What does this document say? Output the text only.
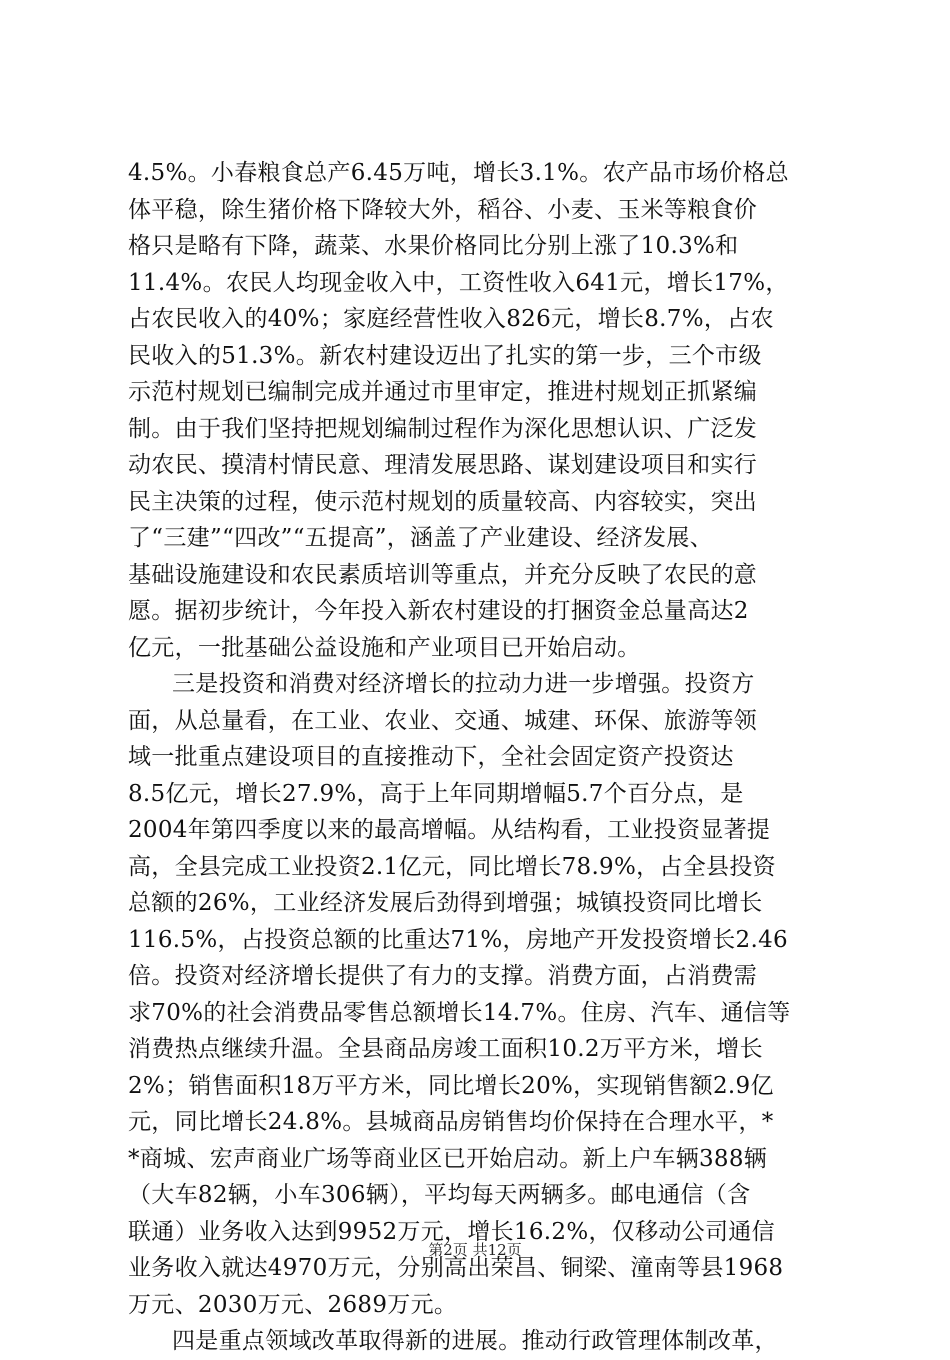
4.5%。小春粮食总产6.45万吨，增长3.1%。农产品市场价格总
体平稳，除生猪价格下降较大外，稻谷、小麦、玉米等粮食价
格只是略有下降，蔬菜、水果价格同比分别上涨了10.3%和
11.4%。农民人均现金收入中，工资性收入641元，增长17%，
占农民收入的40%；家庭经营性收入826元，增长8.7%，占农
民收入的51.3%。新农村建设迈出了扎实的第一步，三个市级
示范村规划已编制完成并通过市里审定，推进村规划正抓紧编
制。由于我们坚持把规划编制过程作为深化思想认识、广泛发
动农民、摸清村情民意、理清发展思路、谋划建设项目和实行
民主决策的过程，使示范村规划的质量较高、内容较实，突出
了“三建”“四改”“五提高”，涵盖了产业建设、经济发展、
基础设施建设和农民素质培训等重点，并充分反映了农民的意
愿。据初步统计，今年投入新农村建设的打捆资金总量高达2
亿元，一批基础公益设施和产业项目已开始启动。
三是投资和消费对经济增长的拉动力进一步增强。投资方
面，从总量看，在工业、农业、交通、城建、环保、旅游等领
域一批重点建设项目的直接推动下，全社会固定资产投资达
8.5亿元，增长27.9%，高于上年同期增幅5.7个百分点，是
2004年第四季度以来的最高增幅。从结构看，工业投资显著提
高，全县完成工业投资2.1亿元，同比增长78.9%，占全县投资
总额的26%，工业经济发展后劲得到增强；城镇投资同比增长
116.5%，占投资总额的比重达71%，房地产开发投资增长2.46
倍。投资对经济增长提供了有力的支撑。消费方面，占消费需
求70%的社会消费品零售总额增长14.7%。住房、汽车、通信等
消费热点继续升温。全县商品房竣工面积10.2万平方米，增长
2%；销售面积18万平方米，同比增长20%，实现销售额2.9亿
元，同比增长24.8%。县城商品房销售均价保持在合理水平，*
*商城、宏声商业广场等商业区已开始启动。新上户车辆388辆
（大车82辆，小车306辆），平均每天两辆多。邮电通信（含
联通）业务收入达到9952万元，增长16.2%，仅移动公司通信
业务收入就达4970万元，分别高出荣昌、铜梁、潼南等县1968
万元、2030万元、2689万元。
四是重点领域改革取得新的进展。推动行政管理体制改革，
第2页 共12页
